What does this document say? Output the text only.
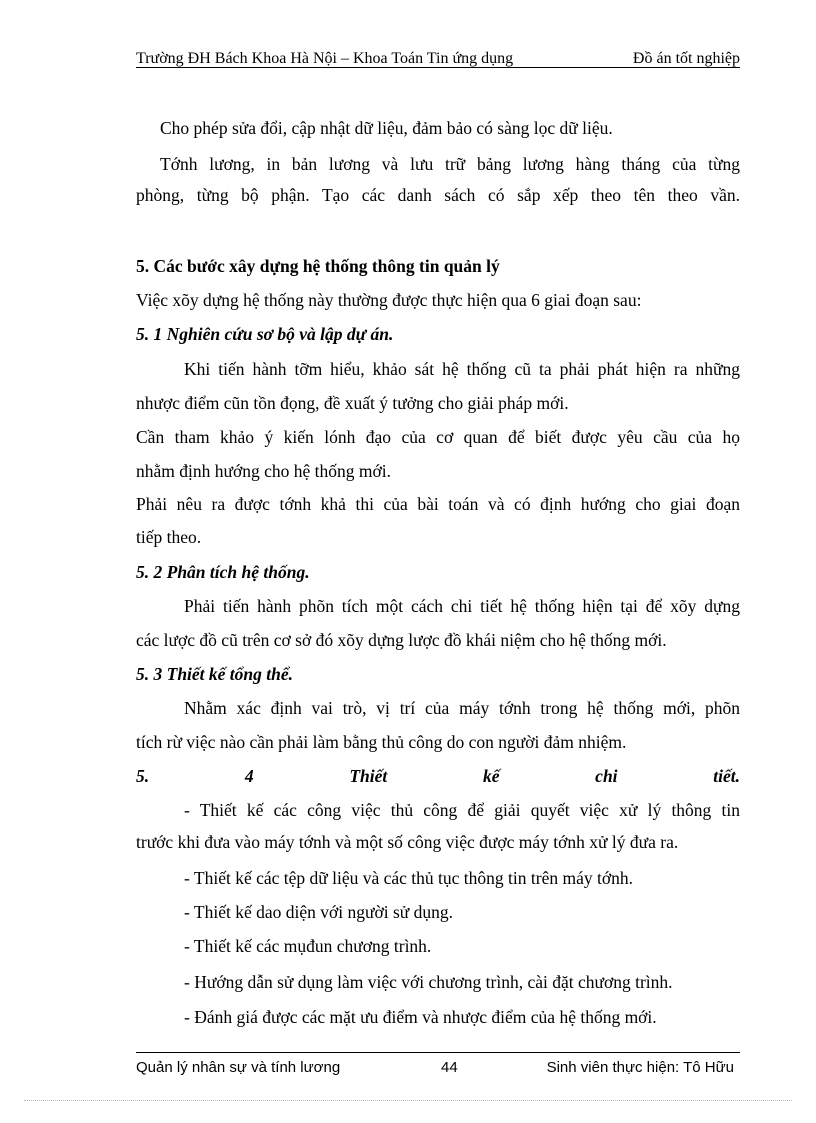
Trường ĐH Bách Khoa Hà Nội – Khoa Toán Tin ứng dụng	Đồ án tốt nghiệp
Cho phép sửa đổi, cập nhật dữ liệu, đảm bảo có sàng lọc dữ liệu.
Tớnh lương, in bản lương và lưu trữ bảng lương hàng tháng của từng
phòng, từng bộ phận. Tạo các danh sách có sắp xếp theo tên theo vần.
5. Các bước xây dựng hệ thống thông tin quản lý
Việc xõy dựng hệ thống này thường được thực hiện qua 6 giai đoạn sau:
5. 1 Nghiên cứu sơ bộ và lập dự án.
Khi tiến hành tỡm hiểu, khảo sát hệ thống cũ ta phải phát hiện ra những
nhược điểm cũn tồn đọng, đề xuất ý tưởng cho giải pháp mới.
Cần tham khảo ý kiến lónh đạo của cơ quan để biết được yêu cầu của họ
nhằm định hướng cho hệ thống mới.
Phải nêu ra được tớnh khả thi của bài toán và có định hướng cho giai đoạn
tiếp theo.
5. 2 Phân tích hệ thống.
Phải tiến hành phõn tích một cách chi tiết hệ thống hiện tại để xõy dựng
các lược đồ cũ trên cơ sở đó xõy dựng lược đồ khái niệm cho hệ thống mới.
5. 3 Thiết kế tổng thể.
Nhằm xác định vai trò, vị trí của máy tớnh trong hệ thống mới, phõn
tích rừ việc nào cần phải làm bằng thủ công do con người đảm nhiệm.
5. 4 Thiết kế chi tiết.
- Thiết kế các công việc thủ công để giải quyết việc xử lý thông tin
trước khi đưa vào máy tớnh và một số công việc được máy tớnh xử lý đưa ra.
- Thiết kế các tệp dữ liệu và các thủ tục thông tin trên máy tớnh.
- Thiết kế dao diện với người sử dụng.
- Thiết kế các mụđun chương trình.
- Hướng dẫn sử dụng làm việc với chương trình, cài đặt chương trình.
- Đánh giá được các mặt ưu điểm và nhược điểm của hệ thống mới.
Quản lý nhân sự và tính lương	44	Sinh viên thực hiện: Tô Hữu
